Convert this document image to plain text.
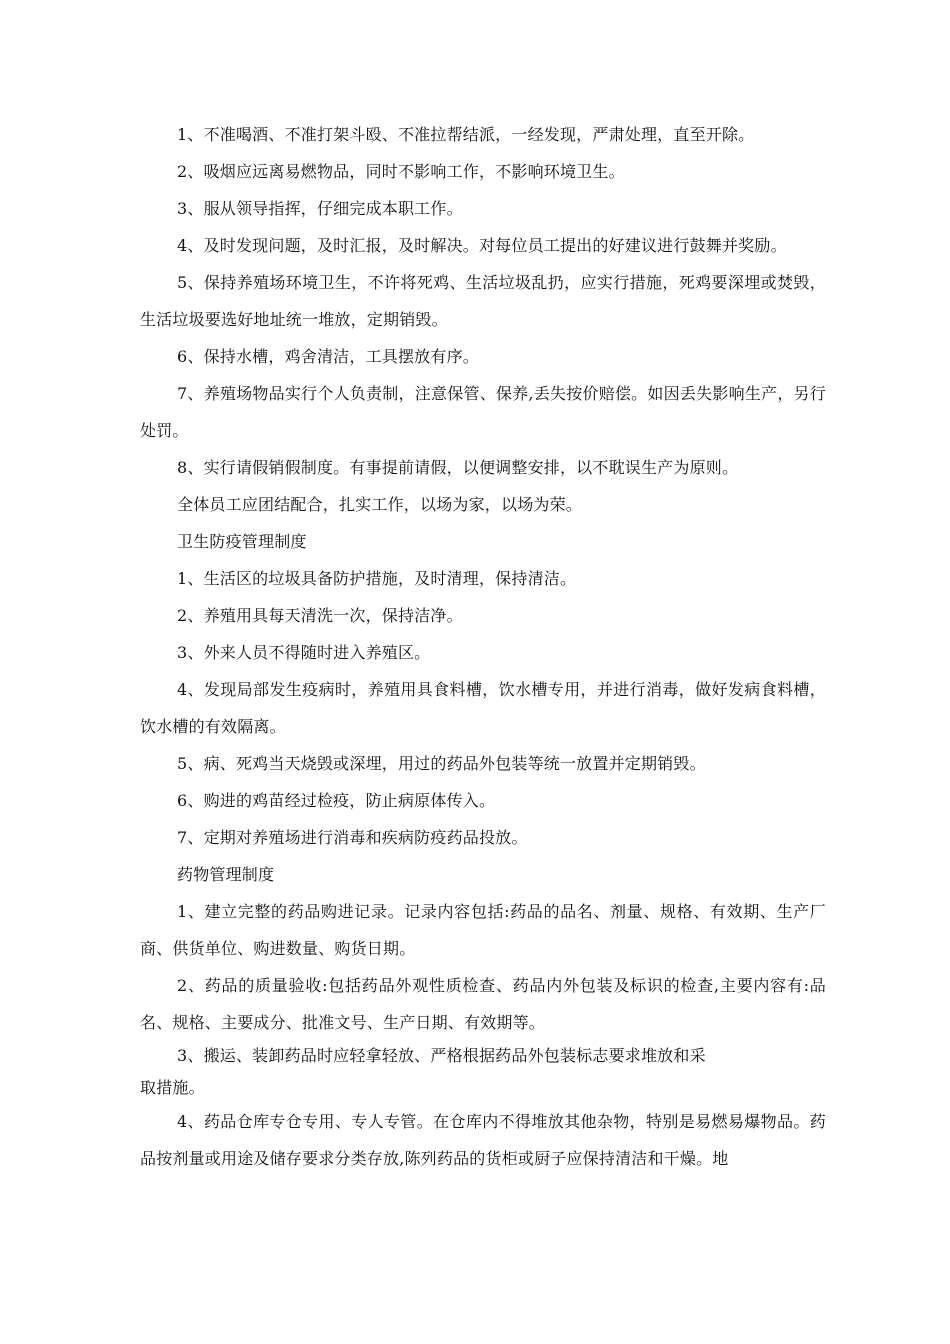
1、不准喝酒、不准打架斗殴、不准拉帮结派，一经发现，严肃处理，直至开除。

2、吸烟应远离易燃物品，同时不影响工作，不影响环境卫生。

3、服从领导指挥，仔细完成本职工作。

4、及时发现问题，及时汇报，及时解决。对每位员工提出的好建议进行鼓舞并奖励。

5、保持养殖场环境卫生，不许将死鸡、生活垃圾乱扔，应实行措施，死鸡要深埋或焚毁，生活垃圾要选好地址统一堆放，定期销毁。

6、保持水槽，鸡舍清洁，工具摆放有序。

7、养殖场物品实行个人负责制，注意保管、保养,丢失按价赔偿。如因丢失影响生产，另行处罚。

8、实行请假销假制度。有事提前请假，以便调整安排，以不耽误生产为原则。

全体员工应团结配合，扎实工作，以场为家，以场为荣。

卫生防疫管理制度

1、生活区的垃圾具备防护措施，及时清理，保持清洁。

2、养殖用具每天清洗一次，保持洁净。

3、外来人员不得随时进入养殖区。

4、发现局部发生疫病时，养殖用具食料槽，饮水槽专用，并进行消毒，做好发病食料槽，饮水槽的有效隔离。

5、病、死鸡当天烧毁或深埋，用过的药品外包装等统一放置并定期销毁。

6、购进的鸡苗经过检疫，防止病原体传入。

7、定期对养殖场进行消毒和疾病防疫药品投放。

药物管理制度

1、建立完整的药品购进记录。记录内容包括:药品的品名、剂量、规格、有效期、生产厂商、供货单位、购进数量、购货日期。

2、药品的质量验收:包括药品外观性质检查、药品内外包装及标识的检查,主要内容有:品名、规格、主要成分、批准文号、生产日期、有效期等。

3、搬运、装卸药品时应轻拿轻放、严格根据药品外包装标志要求堆放和采

取措施。

4、药品仓库专仓专用、专人专管。在仓库内不得堆放其他杂物，特别是易燃易爆物品。药品按剂量或用途及储存要求分类存放,陈列药品的货柜或厨子应保持清洁和干燥。地
